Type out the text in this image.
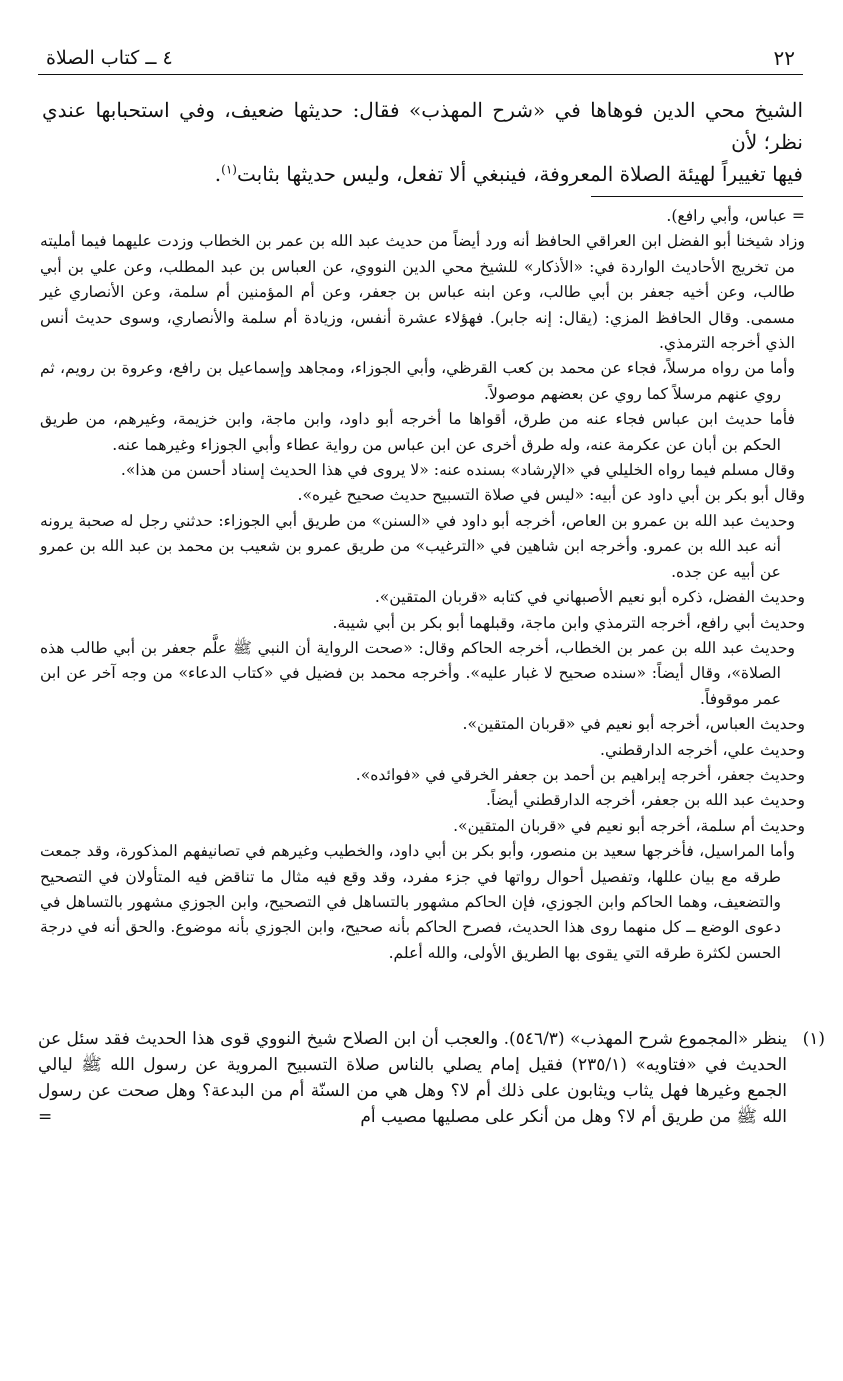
٢٢
٤ ــ كتاب الصلاة

الشيخ محي الدين فوهاها في «شرح المهذب» فقال: حديثها ضعيف، وفي استحبابها عندي نظر؛ لأن

فيها تغييراً لهيئة الصلاة المعروفة، فينبغي ألا تفعل، وليس حديثها بثابت$^{(١)}$.

= عباس، وأبي رافع).

وزاد شيخنا أبو الفضل ابن العراقي الحافظ أنه ورد أيضاً من حديث عبد الله بن عمر بن الخطاب وزدت عليهما فيما أمليته من تخريج الأحاديث الواردة في: «الأذكار» للشيخ محي الدين النووي، عن العباس بن عبد المطلب، وعن علي بن أبي طالب، وعن أخيه جعفر بن أبي طالب، وعن ابنه عباس بن جعفر، وعن أم المؤمنين أم سلمة، وعن الأنصاري غير مسمى. وقال الحافظ المزي: (يقال: إنه جابر). فهؤلاء عشرة أنفس، وزيادة أم سلمة والأنصاري، وسوى حديث أنس الذي أخرجه الترمذي.

وأما من رواه مرسلاً، فجاء عن محمد بن كعب القرظي، وأبي الجوزاء، ومجاهد وإسماعيل بن رافع، وعروة بن رويم، ثم روي عنهم مرسلاً كما روي عن بعضهم موصولاً.

فأما حديث ابن عباس فجاء عنه من طرق، أقواها ما أخرجه أبو داود، وابن ماجة، وابن خزيمة، وغيرهم، من طريق الحكم بن أبان عن عكرمة عنه، وله طرق أخرى عن ابن عباس من رواية عطاء وأبي الجوزاء وغيرهما عنه.

وقال مسلم فيما رواه الخليلي في «الإرشاد» بسنده عنه: «لا يروى في هذا الحديث إسناد أحسن من هذا».

وقال أبو بكر بن أبي داود عن أبيه: «ليس في صلاة التسبيح حديث صحيح غيره».

وحديث عبد الله بن عمرو بن العاص، أخرجه أبو داود في «السنن» من طريق أبي الجوزاء: حدثني رجل له صحبة يرونه أنه عبد الله بن عمرو. وأخرجه ابن شاهين في «الترغيب» من طريق عمرو بن شعيب بن محمد بن عبد الله بن عمرو عن أبيه عن جده.

وحديث الفضل، ذكره أبو نعيم الأصبهاني في كتابه «قربان المتقين».

وحديث أبي رافع، أخرجه الترمذي وابن ماجة، وقبلهما أبو بكر بن أبي شيبة.

وحديث عبد الله بن عمر بن الخطاب، أخرجه الحاكم وقال: «صحت الرواية أن النبي ﷺ علَّم جعفر بن أبي طالب هذه الصلاة»، وقال أيضاً: «سنده صحيح لا غبار عليه». وأخرجه محمد بن فضيل في «كتاب الدعاء» من وجه آخر عن ابن عمر موقوفاً.

وحديث العباس، أخرجه أبو نعيم في «قربان المتقين».

وحديث علي، أخرجه الدارقطني.

وحديث جعفر، أخرجه إبراهيم بن أحمد بن جعفر الخرقي في «فوائده».

وحديث عبد الله بن جعفر، أخرجه الدارقطني أيضاً.

وحديث أم سلمة، أخرجه أبو نعيم في «قربان المتقين».

وأما المراسيل، فأخرجها سعيد بن منصور، وأبو بكر بن أبي داود، والخطيب وغيرهم في تصانيفهم المذكورة، وقد جمعت طرقه مع بيان عللها، وتفصيل أحوال رواتها في جزء مفرد، وقد وقع فيه مثال ما تناقض فيه المتأولان في التصحيح والتضعيف، وهما الحاكم وابن الجوزي، فإن الحاكم مشهور بالتساهل في التصحيح، وابن الجوزي مشهور بالتساهل في دعوى الوضع ــ كل منهما روى هذا الحديث، فصرح الحاكم بأنه صحيح، وابن الجوزي بأنه موضوع. والحق أنه في درجة الحسن لكثرة طرقه التي يقوى بها الطريق الأولى، والله أعلم.

(١)
ينظر «المجموع شرح المهذب» (٥٤٦/٣). والعجب أن ابن الصلاح شيخ النووي قوى هذا الحديث فقد سئل عن الحديث في «فتاويه» (٢٣٥/١) فقيل إمام يصلي بالناس صلاة التسبيح المروية عن رسول الله ﷺ ليالي الجمع وغيرها فهل يثاب ويثابون على ذلك أم لا؟ وهل هي من السنّة أم من البدعة؟ وهل صحت عن رسول الله ﷺ من طريق أم لا؟ وهل من أنكر على مصليها مصيب أم
=
